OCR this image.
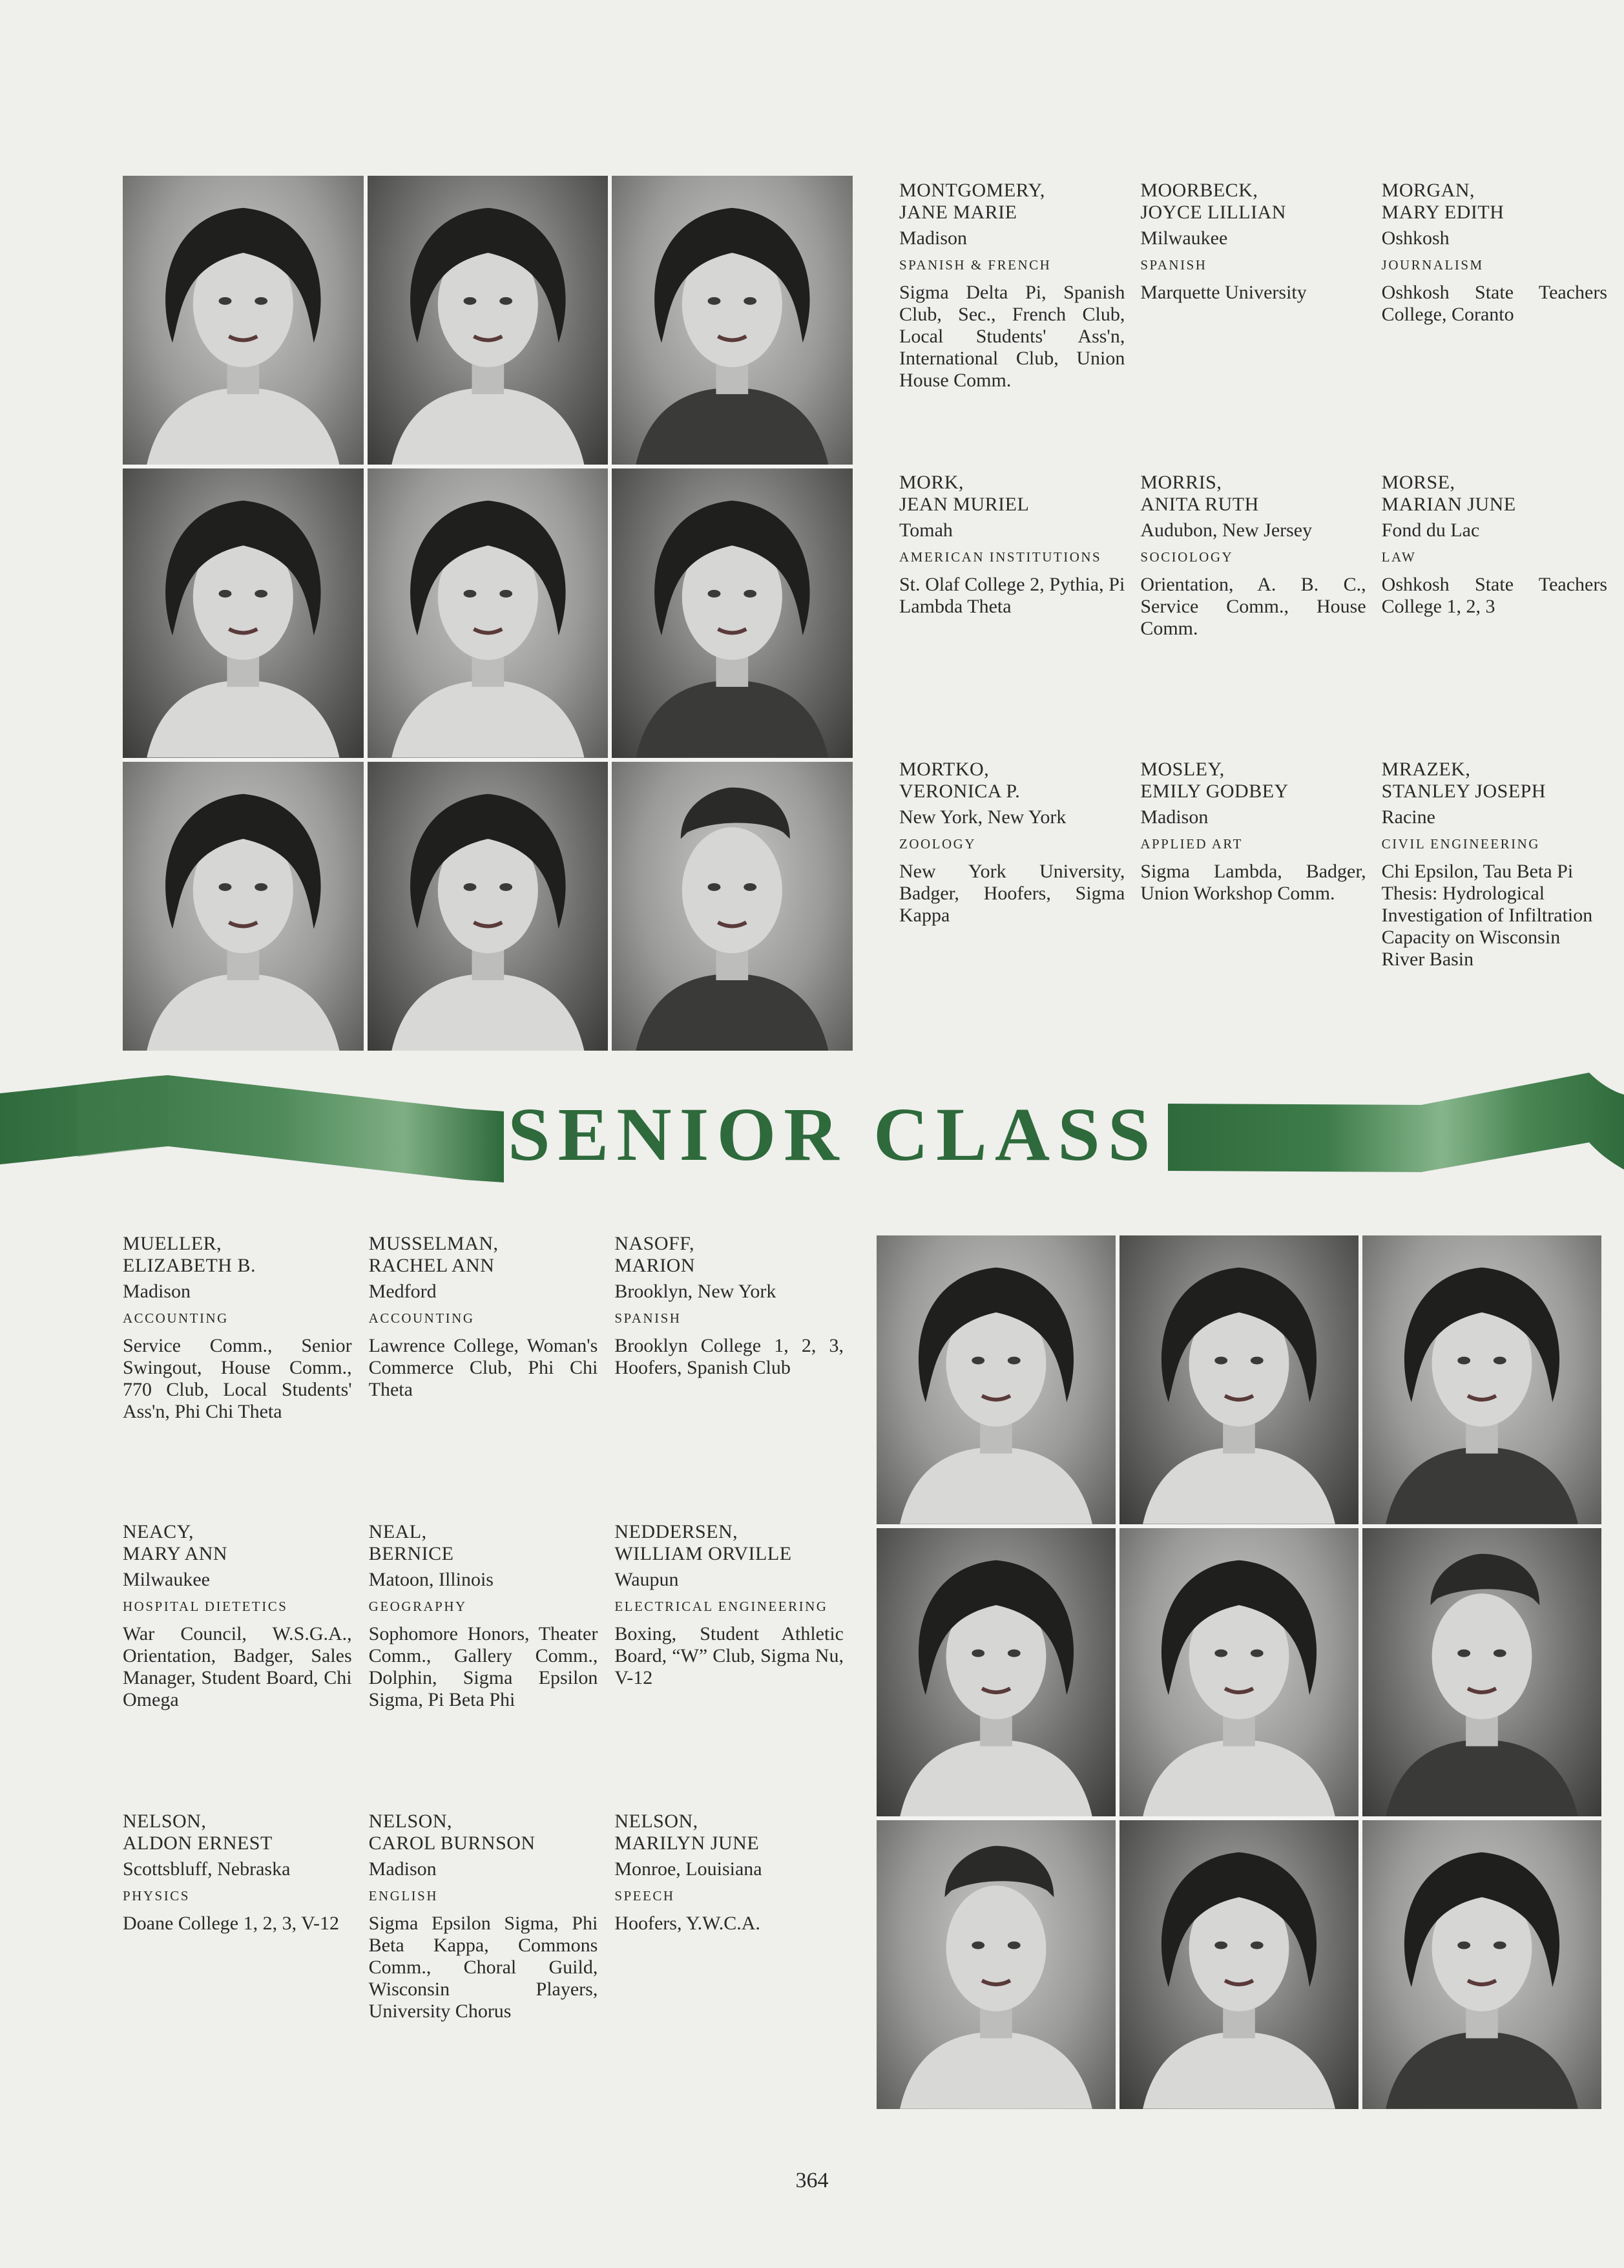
MONTGOMERY,
JANE MARIE
Madison
SPANISH & FRENCH
Sigma Delta Pi, Spanish Club, Sec., French Club, Local Students' Ass'n, International Club, Union House Comm.
MOORBECK,
JOYCE LILLIAN
Milwaukee
SPANISH
Marquette University
MORGAN,
MARY EDITH
Oshkosh
JOURNALISM
Oshkosh State Teachers College, Coranto
MORK,
JEAN MURIEL
Tomah
AMERICAN INSTITUTIONS
St. Olaf College 2, Pythia, Pi Lambda Theta
MORRIS,
ANITA RUTH
Audubon, New Jersey
SOCIOLOGY
Orientation, A. B. C., Service Comm., House Comm.
MORSE,
MARIAN JUNE
Fond du Lac
LAW
Oshkosh State Teachers College 1, 2, 3
MORTKO,
VERONICA P.
New York, New York
ZOOLOGY
New York University, Badger, Hoofers, Sigma Kappa
MOSLEY,
EMILY GODBEY
Madison
APPLIED ART
Sigma Lambda, Badger, Union Workshop Comm.
MRAZEK,
STANLEY JOSEPH
Racine
CIVIL ENGINEERING
Chi Epsilon, Tau Beta Pi
Thesis: Hydrological Investigation of Infiltration Capacity on Wisconsin River Basin
SENIOR CLASS
MUELLER,
ELIZABETH B.
Madison
ACCOUNTING
Service Comm., Senior Swingout, House Comm., 770 Club, Local Students' Ass'n, Phi Chi Theta
MUSSELMAN,
RACHEL ANN
Medford
ACCOUNTING
Lawrence College, Woman's Commerce Club, Phi Chi Theta
NASOFF,
MARION
Brooklyn, New York
SPANISH
Brooklyn College 1, 2, 3, Hoofers, Spanish Club
NEACY,
MARY ANN
Milwaukee
HOSPITAL DIETETICS
War Council, W.S.G.A., Orientation, Badger, Sales Manager, Student Board, Chi Omega
NEAL,
BERNICE
Matoon, Illinois
GEOGRAPHY
Sophomore Honors, Theater Comm., Gallery Comm., Dolphin, Sigma Epsilon Sigma, Pi Beta Phi
NEDDERSEN,
WILLIAM ORVILLE
Waupun
ELECTRICAL ENGINEERING
Boxing, Student Athletic Board, “W” Club, Sigma Nu, V-12
NELSON,
ALDON ERNEST
Scottsbluff, Nebraska
PHYSICS
Doane College 1, 2, 3, V-12
NELSON,
CAROL BURNSON
Madison
ENGLISH
Sigma Epsilon Sigma, Phi Beta Kappa, Commons Comm., Choral Guild, Wisconsin Players, University Chorus
NELSON,
MARILYN JUNE
Monroe, Louisiana
SPEECH
Hoofers, Y.W.C.A.
364
